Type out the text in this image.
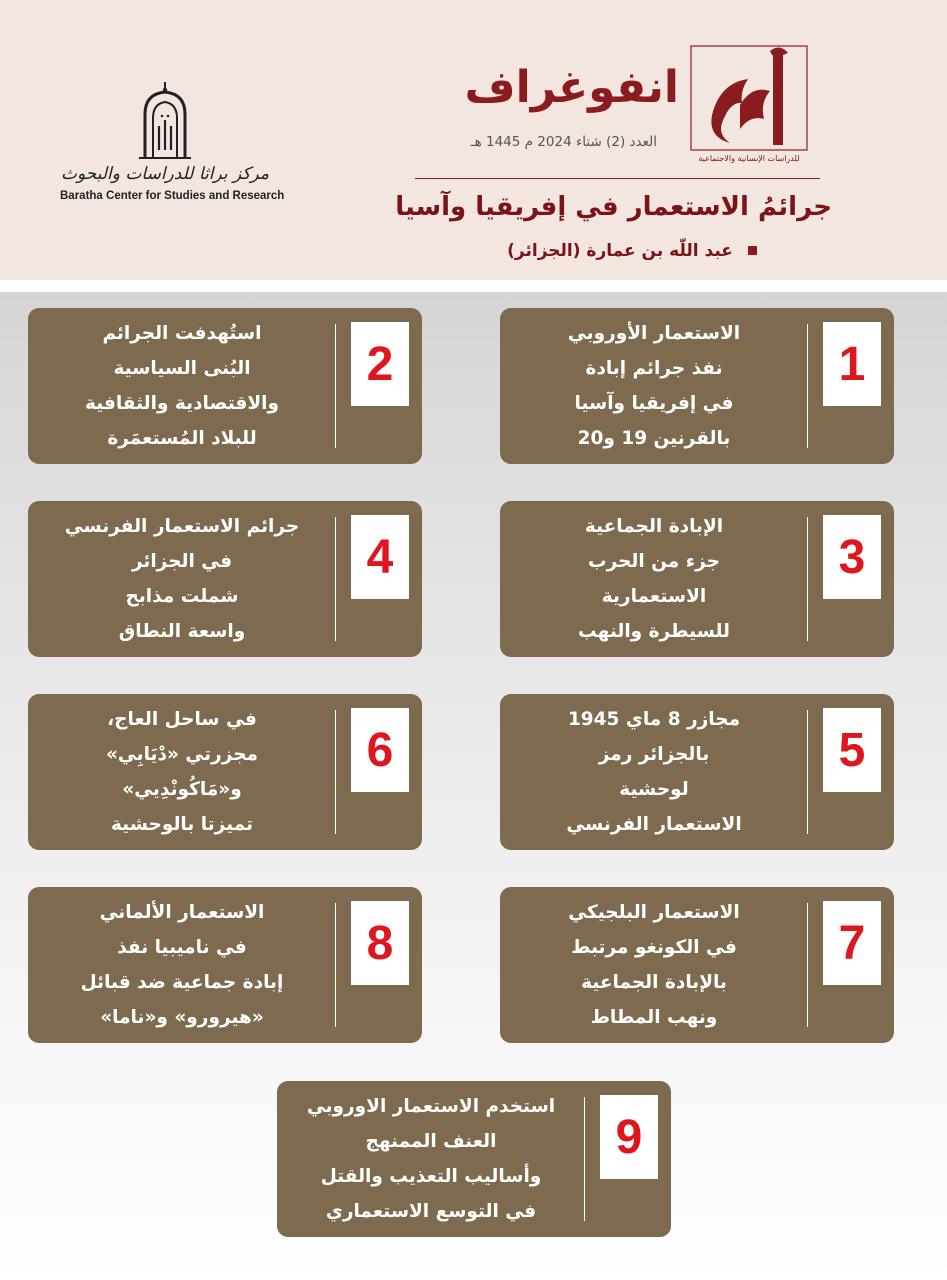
مركز براثا للدراسات والبحوث
Baratha Center for Studies and Research
للدراسات الإنسانية والاجتماعية
انفوغراف
العدد (2) شتاء 2024 م 1445 هـ
جرائمُ الاستعمار في إفريقيا وآسيا
عبد اللّه بن عمارة (الجزائر)
1
الاستعمار الأوروبي
نفذ جرائم إبادة
في إفريقيا وآسيا
بالقرنين 19 و20
2
استُهدفت الجرائم
البُنى السياسية
والاقتصادية والثقافية
للبلاد المُستعمَرة
3
الإبادة الجماعية
جزء من الحرب
الاستعمارية
للسيطرة والنهب
4
جرائم الاستعمار الفرنسي
في الجزائر
شملت مذابح
واسعة النطاق
5
مجازر 8 ماي 1945
بالجزائر رمز
لوحشية
الاستعمار الفرنسي
6
في ساحل العاج،
مجزرتي «دْيَابِي»
و«مَاكُونْدِيي»
تميزتا بالوحشية
7
الاستعمار البلجيكي
في الكونغو مرتبط
بالإبادة الجماعية
ونهب المطاط
8
الاستعمار الألماني
في ناميبيا نفذ
إبادة جماعية ضد قبائل
«هيرورو» و«ناما»
9
استخدم الاستعمار الاوروبي
العنف الممنهج
وأساليب التعذيب والقتل
في التوسع الاستعماري
